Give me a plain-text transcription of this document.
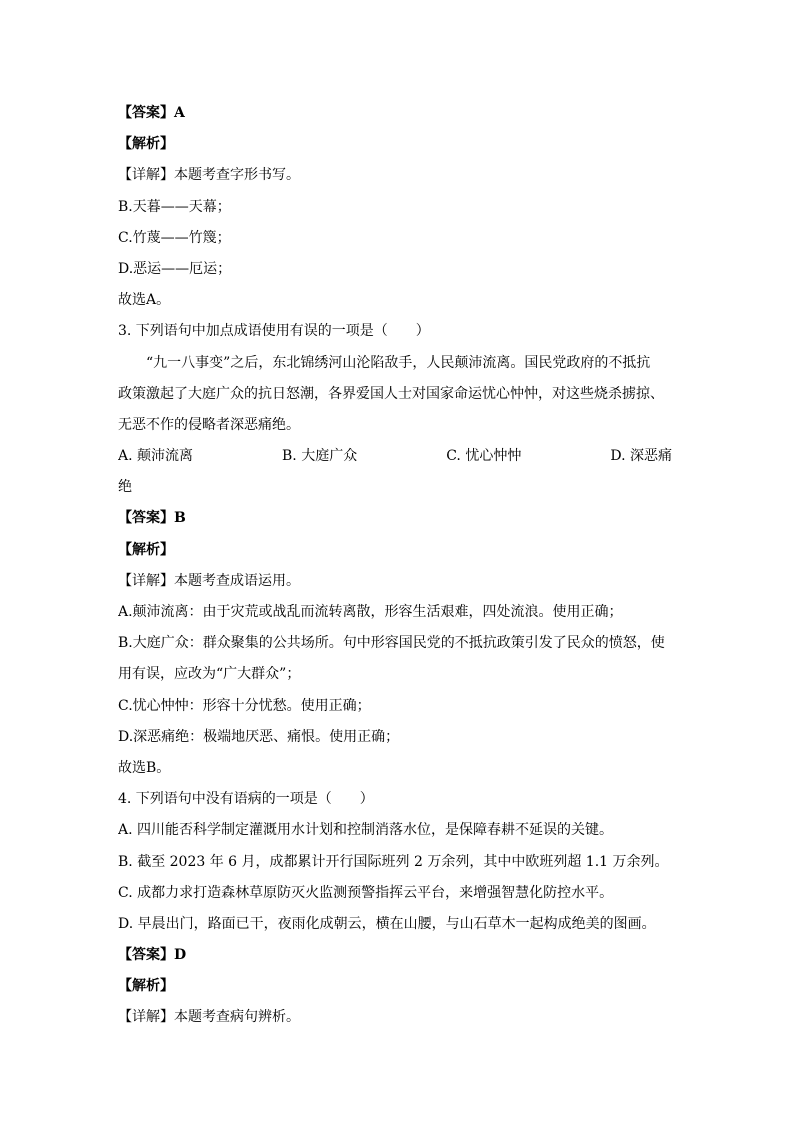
【答案】A
【解析】
【详解】本题考查字形书写。
B.天暮——天幕；
C.竹蔑——竹篾；
D.恶运——厄运；
故选A。
3. 下列语句中加点成语使用有误的一项是（　　）
“九一八事变”之后，东北锦绣河山沦陷敌手，人民颠沛流离。国民党政府的不抵抗
政策激起了大庭广众的抗日怒潮，各界爱国人士对国家命运忧心忡忡，对这些烧杀掳掠、
无恶不作的侵略者深恶痛绝。
A. 颠沛流离	B. 大庭广众	C. 忧心忡忡	D. 深恶痛
绝
【答案】B
【解析】
【详解】本题考查成语运用。
A.颠沛流离：由于灾荒或战乱而流转离散，形容生活艰难，四处流浪。使用正确；
B.大庭广众：群众聚集的公共场所。句中形容国民党的不抵抗政策引发了民众的愤怒，使
用有误，应改为“广大群众”；
C.忧心忡忡：形容十分忧愁。使用正确；
D.深恶痛绝：极端地厌恶、痛恨。使用正确；
故选B。
4. 下列语句中没有语病的一项是（　　）
A. 四川能否科学制定灌溉用水计划和控制消落水位，是保障春耕不延误的关键。
B. 截至 2023 年 6 月，成都累计开行国际班列 2 万余列，其中中欧班列超 1.1 万余列。
C. 成都力求打造森林草原防灭火监测预警指挥云平台，来增强智慧化防控水平。
D. 早晨出门，路面已干，夜雨化成朝云，横在山腰，与山石草木一起构成绝美的图画。
【答案】D
【解析】
【详解】本题考查病句辨析。
